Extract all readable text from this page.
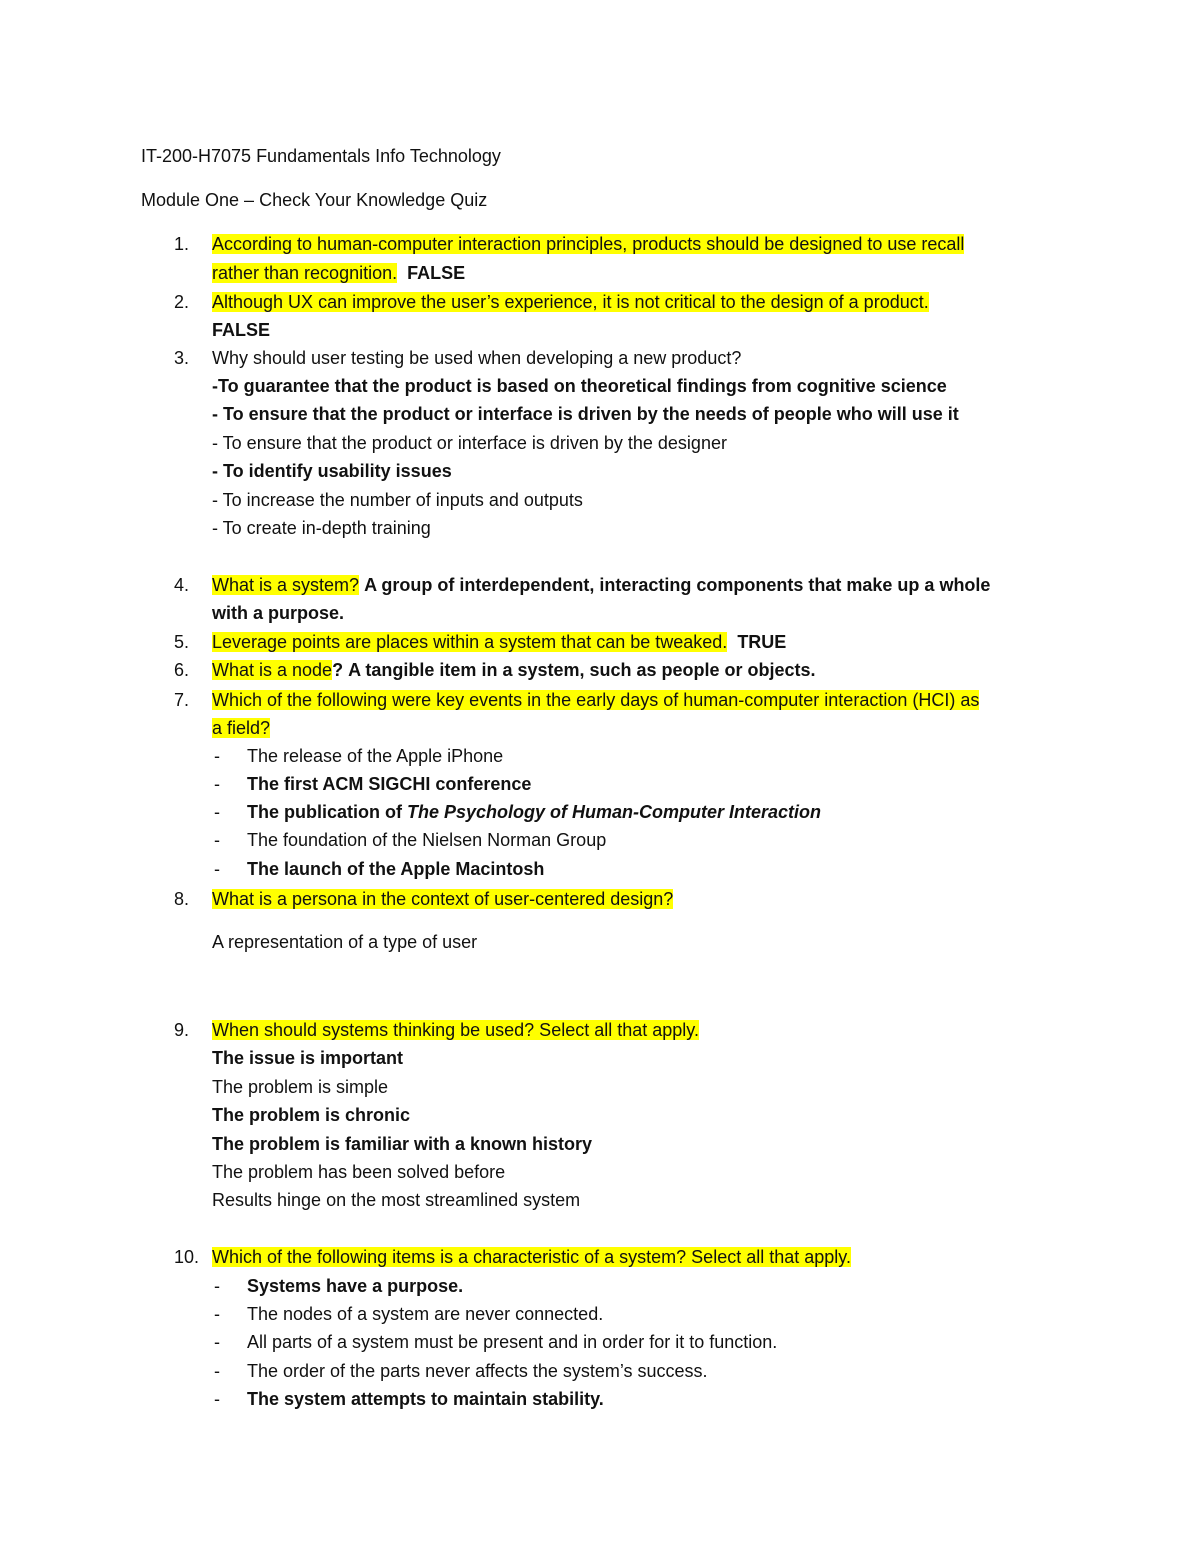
IT-200-H7075 Fundamentals Info Technology
Module One – Check Your Knowledge Quiz
1. According to human-computer interaction principles, products should be designed to use recall
rather than recognition. FALSE
2. Although UX can improve the user’s experience, it is not critical to the design of a product.
FALSE
3. Why should user testing be used when developing a new product?
-To guarantee that the product is based on theoretical findings from cognitive science
- To ensure that the product or interface is driven by the needs of people who will use it
- To ensure that the product or interface is driven by the designer
- To identify usability issues
- To increase the number of inputs and outputs
- To create in-depth training
4. What is a system? A group of interdependent, interacting components that make up a whole
with a purpose.
5. Leverage points are places within a system that can be tweaked. TRUE
6. What is a node? A tangible item in a system, such as people or objects.
7. Which of the following were key events in the early days of human-computer interaction (HCI) as
a field?
- The release of the Apple iPhone
- The first ACM SIGCHI conference
- The publication of The Psychology of Human-Computer Interaction
- The foundation of the Nielsen Norman Group
- The launch of the Apple Macintosh
8. What is a persona in the context of user-centered design?
A representation of a type of user
9. When should systems thinking be used? Select all that apply.
The issue is important
The problem is simple
The problem is chronic
The problem is familiar with a known history
The problem has been solved before
Results hinge on the most streamlined system
10. Which of the following items is a characteristic of a system? Select all that apply.
- Systems have a purpose.
- The nodes of a system are never connected.
- All parts of a system must be present and in order for it to function.
- The order of the parts never affects the system’s success.
- The system attempts to maintain stability.
